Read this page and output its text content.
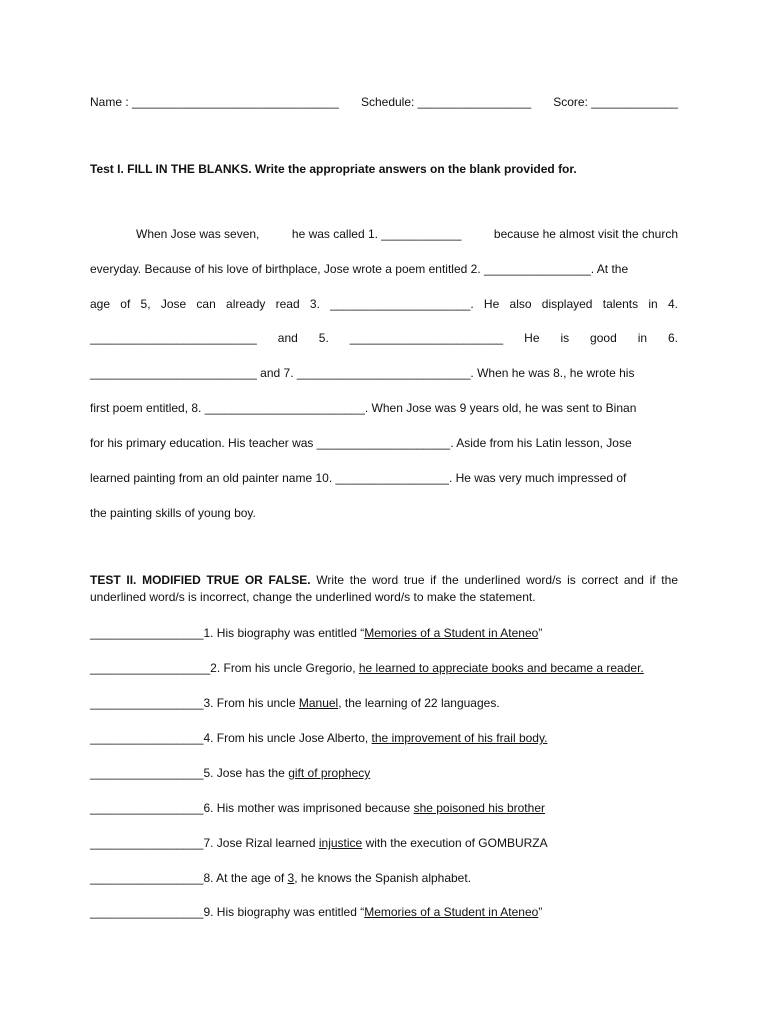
Name : _______________________________ Schedule: _________________ Score: _____________
Test I. FILL IN THE BLANKS. Write the appropriate answers on the blank provided for.
When Jose was seven,	he was called 1. ____________	because he almost visit the church
everyday. Because of his love of birthplace, Jose wrote a poem entitled 2. ________________. At the
age of 5, Jose can already read 3. _____________________. He also displayed talents in 4.
_________________________ and 5. _______________________ He is good in 6.
_________________________ and 7. __________________________. When he was 8., he wrote his
first poem entitled, 8. ________________________. When Jose was 9 years old, he was sent to Binan
for his primary education. His teacher was ____________________. Aside from his Latin lesson, Jose
learned painting from an old painter name 10. _________________. He was very much impressed of
the painting skills of young boy.
TEST II. MODIFIED TRUE OR FALSE. Write the word true if the underlined word/s is correct and if the underlined word/s is incorrect, change the underlined word/s to make the statement.
_________________1. His biography was entitled “Memories of a Student in Ateneo”
__________________2. From his uncle Gregorio, he learned to appreciate books and became a reader.
_________________3. From his uncle Manuel, the learning of 22 languages.
_________________4. From his uncle Jose Alberto, the improvement of his frail body.
_________________5. Jose has the gift of prophecy
_________________6. His mother was imprisoned because she poisoned his brother
_________________7. Jose Rizal learned injustice with the execution of GOMBURZA
_________________8. At the age of 3, he knows the Spanish alphabet.
_________________9. His biography was entitled “Memories of a Student in Ateneo”
